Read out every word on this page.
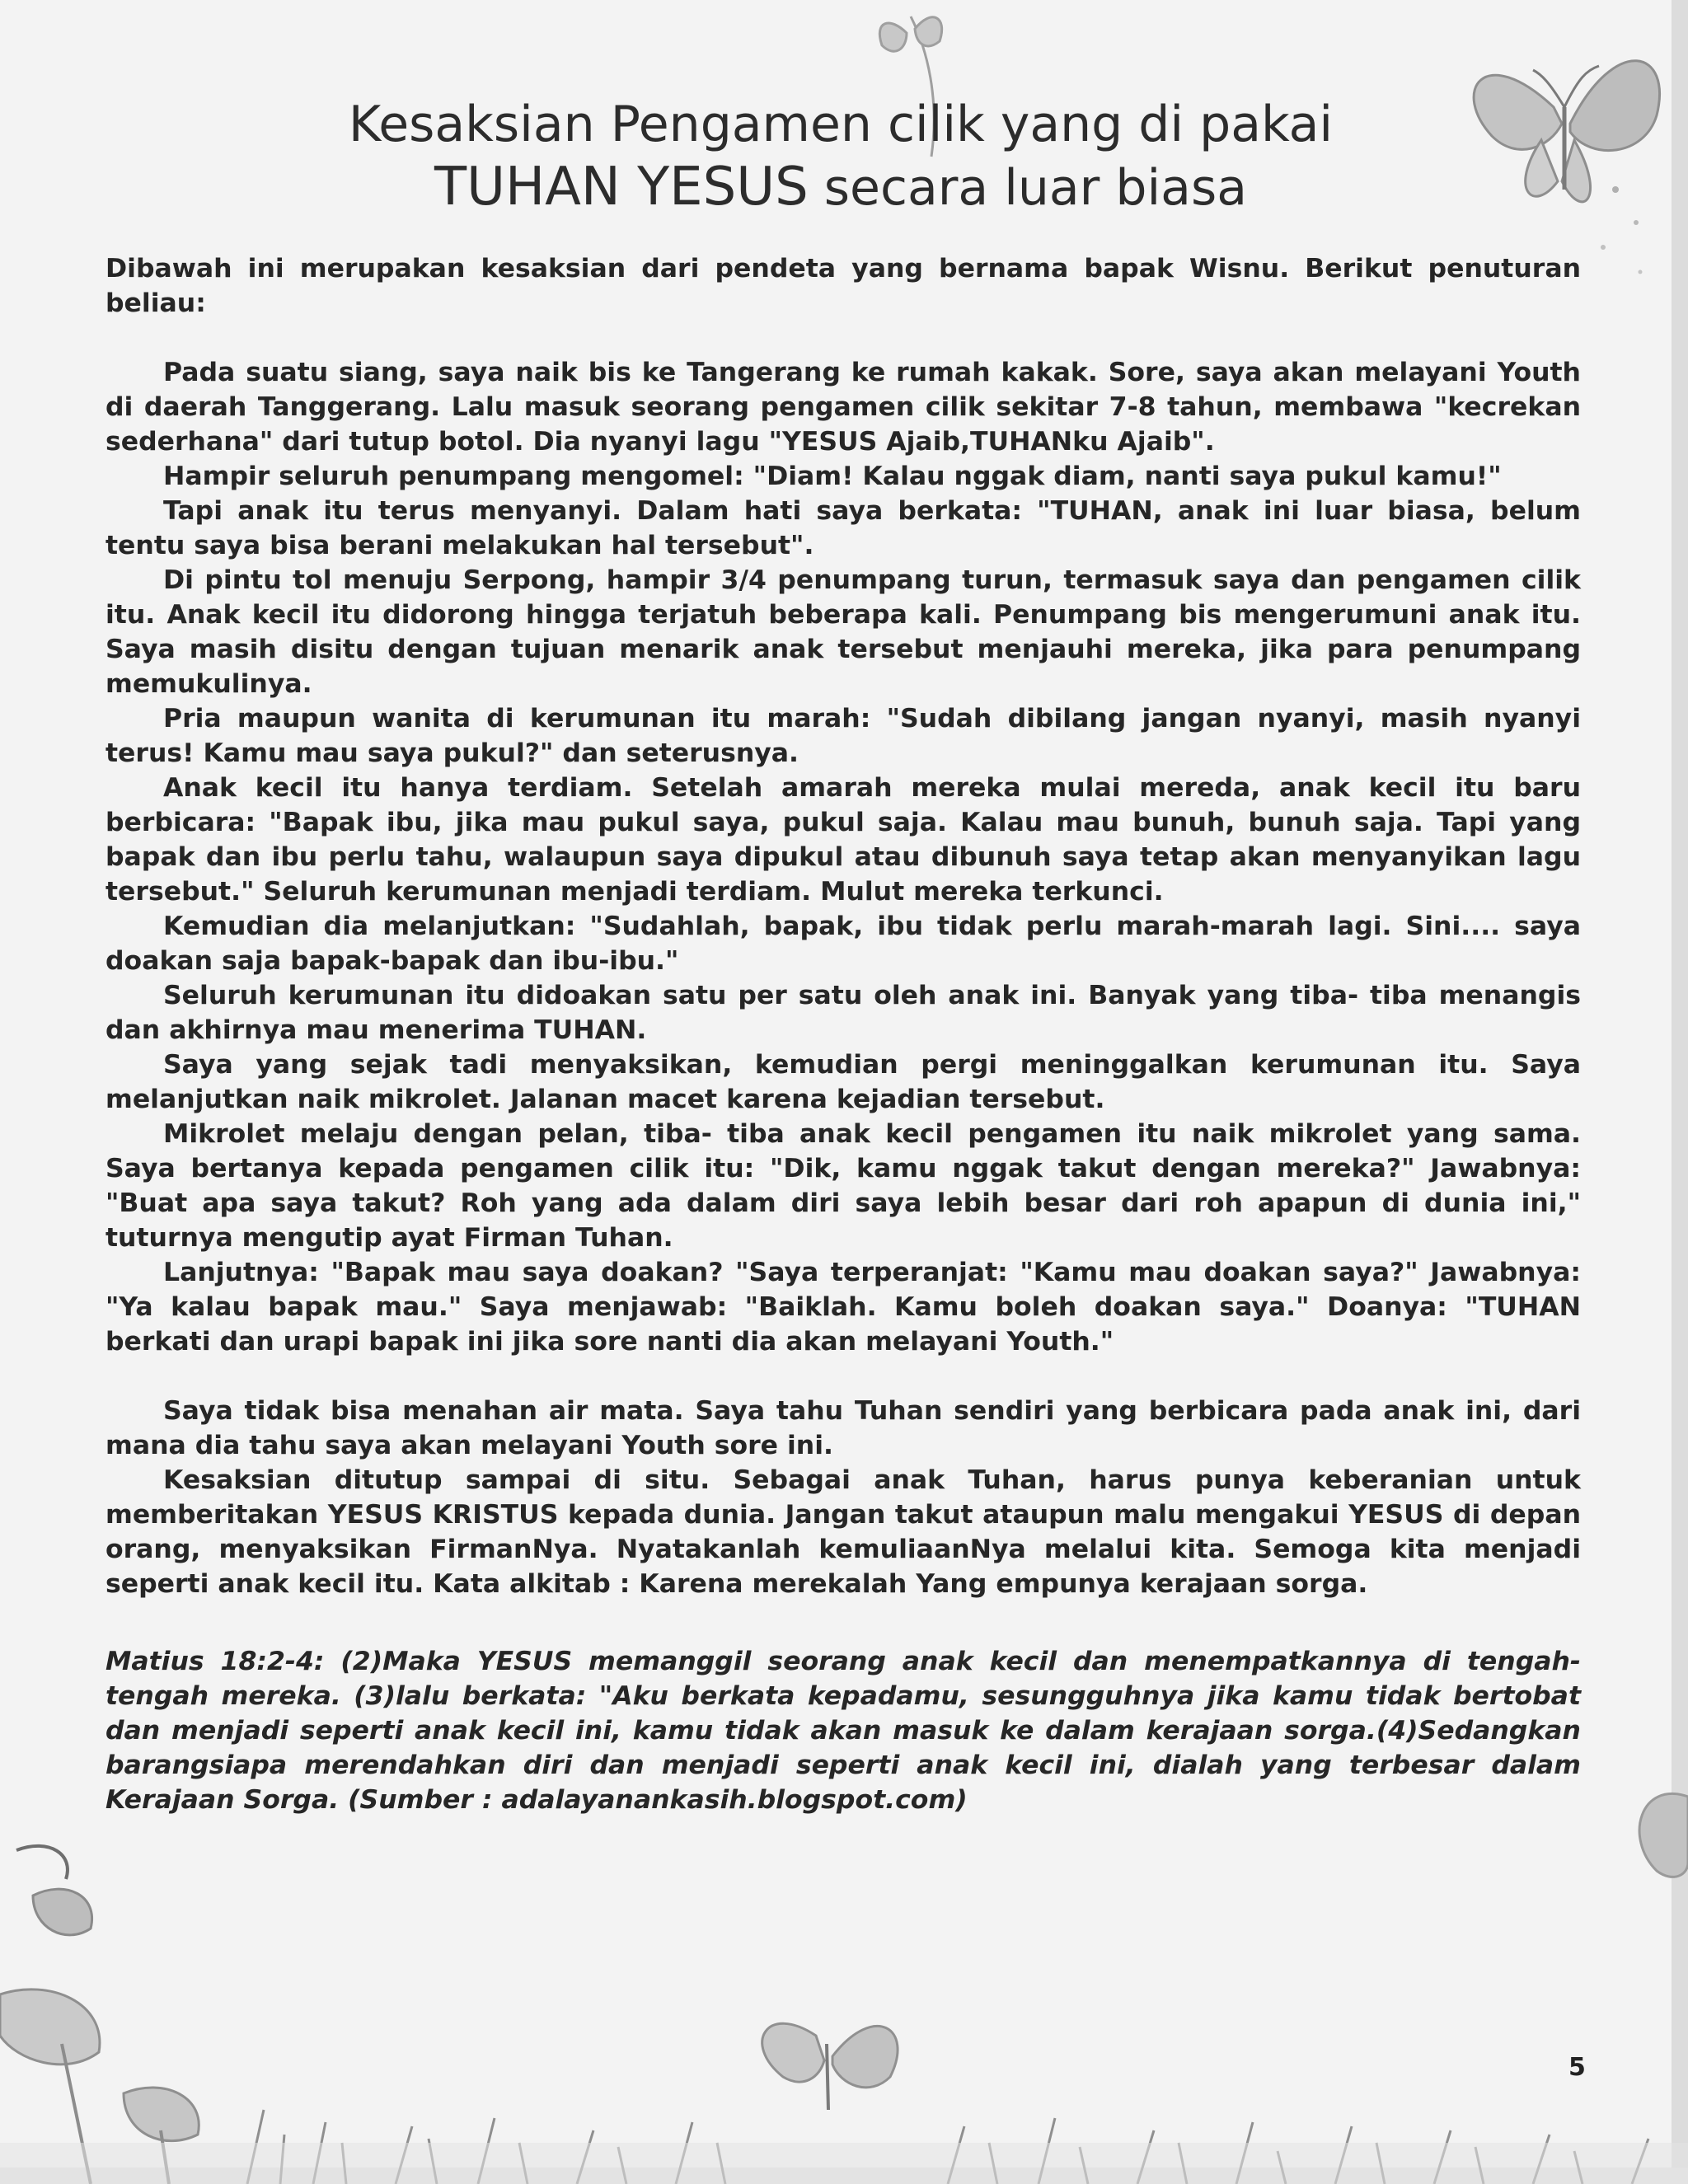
Kesaksian Pengamen cilik yang di pakai
TUHAN YESUS secara luar biasa

Dibawah ini merupakan kesaksian dari pendeta yang bernama bapak Wisnu. Berikut penuturan beliau:

Pada suatu siang, saya naik bis ke Tangerang ke rumah kakak. Sore, saya akan melayani Youth di daerah Tanggerang. Lalu masuk seorang pengamen cilik sekitar 7-8 tahun, membawa "kecrekan sederhana" dari tutup botol. Dia nyanyi lagu "YESUS Ajaib,TUHANku Ajaib".

Hampir seluruh penumpang mengomel: "Diam! Kalau nggak diam, nanti saya pukul kamu!"

Tapi anak itu terus menyanyi. Dalam hati saya berkata: "TUHAN, anak ini luar biasa, belum tentu saya bisa berani melakukan hal tersebut".

Di pintu tol menuju Serpong, hampir 3/4 penumpang turun, termasuk saya dan pengamen cilik itu. Anak kecil itu didorong hingga terjatuh beberapa kali. Penumpang bis mengerumuni anak itu. Saya masih disitu dengan tujuan menarik anak tersebut menjauhi mereka, jika para penumpang memukulinya.

Pria maupun wanita di kerumunan itu marah: "Sudah dibilang jangan nyanyi, masih nyanyi terus! Kamu mau saya pukul?" dan seterusnya.

Anak kecil itu hanya terdiam. Setelah amarah mereka mulai mereda, anak kecil itu baru berbicara: "Bapak ibu, jika mau pukul saya, pukul saja. Kalau mau bunuh, bunuh saja. Tapi yang bapak dan ibu perlu tahu, walaupun saya dipukul atau dibunuh saya tetap akan menyanyikan lagu tersebut." Seluruh kerumunan menjadi terdiam. Mulut mereka terkunci.

Kemudian dia melanjutkan: "Sudahlah, bapak, ibu tidak perlu marah-marah lagi. Sini.... saya doakan saja bapak-bapak dan ibu-ibu."

Seluruh kerumunan itu didoakan satu per satu oleh anak ini. Banyak yang tiba- tiba menangis dan akhirnya mau menerima TUHAN.

Saya yang sejak tadi menyaksikan, kemudian pergi meninggalkan kerumunan itu. Saya melanjutkan naik mikrolet. Jalanan macet karena kejadian tersebut.

Mikrolet melaju dengan pelan, tiba- tiba anak kecil pengamen itu naik mikrolet yang sama. Saya bertanya kepada pengamen cilik itu: "Dik, kamu nggak takut dengan mereka?" Jawabnya: "Buat apa saya takut? Roh yang ada dalam diri saya lebih besar dari roh apapun di dunia ini," tuturnya mengutip ayat Firman Tuhan.

Lanjutnya: "Bapak mau saya doakan? "Saya terperanjat: "Kamu mau doakan saya?" Jawabnya: "Ya kalau bapak mau." Saya menjawab: "Baiklah. Kamu boleh doakan saya." Doanya: "TUHAN berkati dan urapi bapak ini jika sore nanti dia akan melayani Youth."

Saya tidak bisa menahan air mata. Saya tahu Tuhan sendiri yang berbicara pada anak ini, dari mana dia tahu saya akan melayani Youth sore ini.

Kesaksian ditutup sampai di situ. Sebagai anak Tuhan, harus punya keberanian untuk memberitakan YESUS KRISTUS kepada dunia. Jangan takut ataupun malu mengakui YESUS di depan orang, menyaksikan FirmanNya. Nyatakanlah kemuliaanNya melalui kita. Semoga kita menjadi seperti anak kecil itu. Kata alkitab : Karena merekalah Yang empunya kerajaan sorga.

Matius 18:2-4: (2)Maka YESUS memanggil seorang anak kecil dan menempatkannya di tengah-tengah mereka. (3)lalu berkata: "Aku berkata kepadamu, sesungguhnya jika kamu tidak bertobat dan menjadi seperti anak kecil ini, kamu tidak akan masuk ke dalam kerajaan sorga.(4)Sedangkan barangsiapa merendahkan diri dan menjadi seperti anak kecil ini, dialah yang terbesar dalam Kerajaan Sorga. (Sumber : adalayanankasih.blogspot.com)

5
